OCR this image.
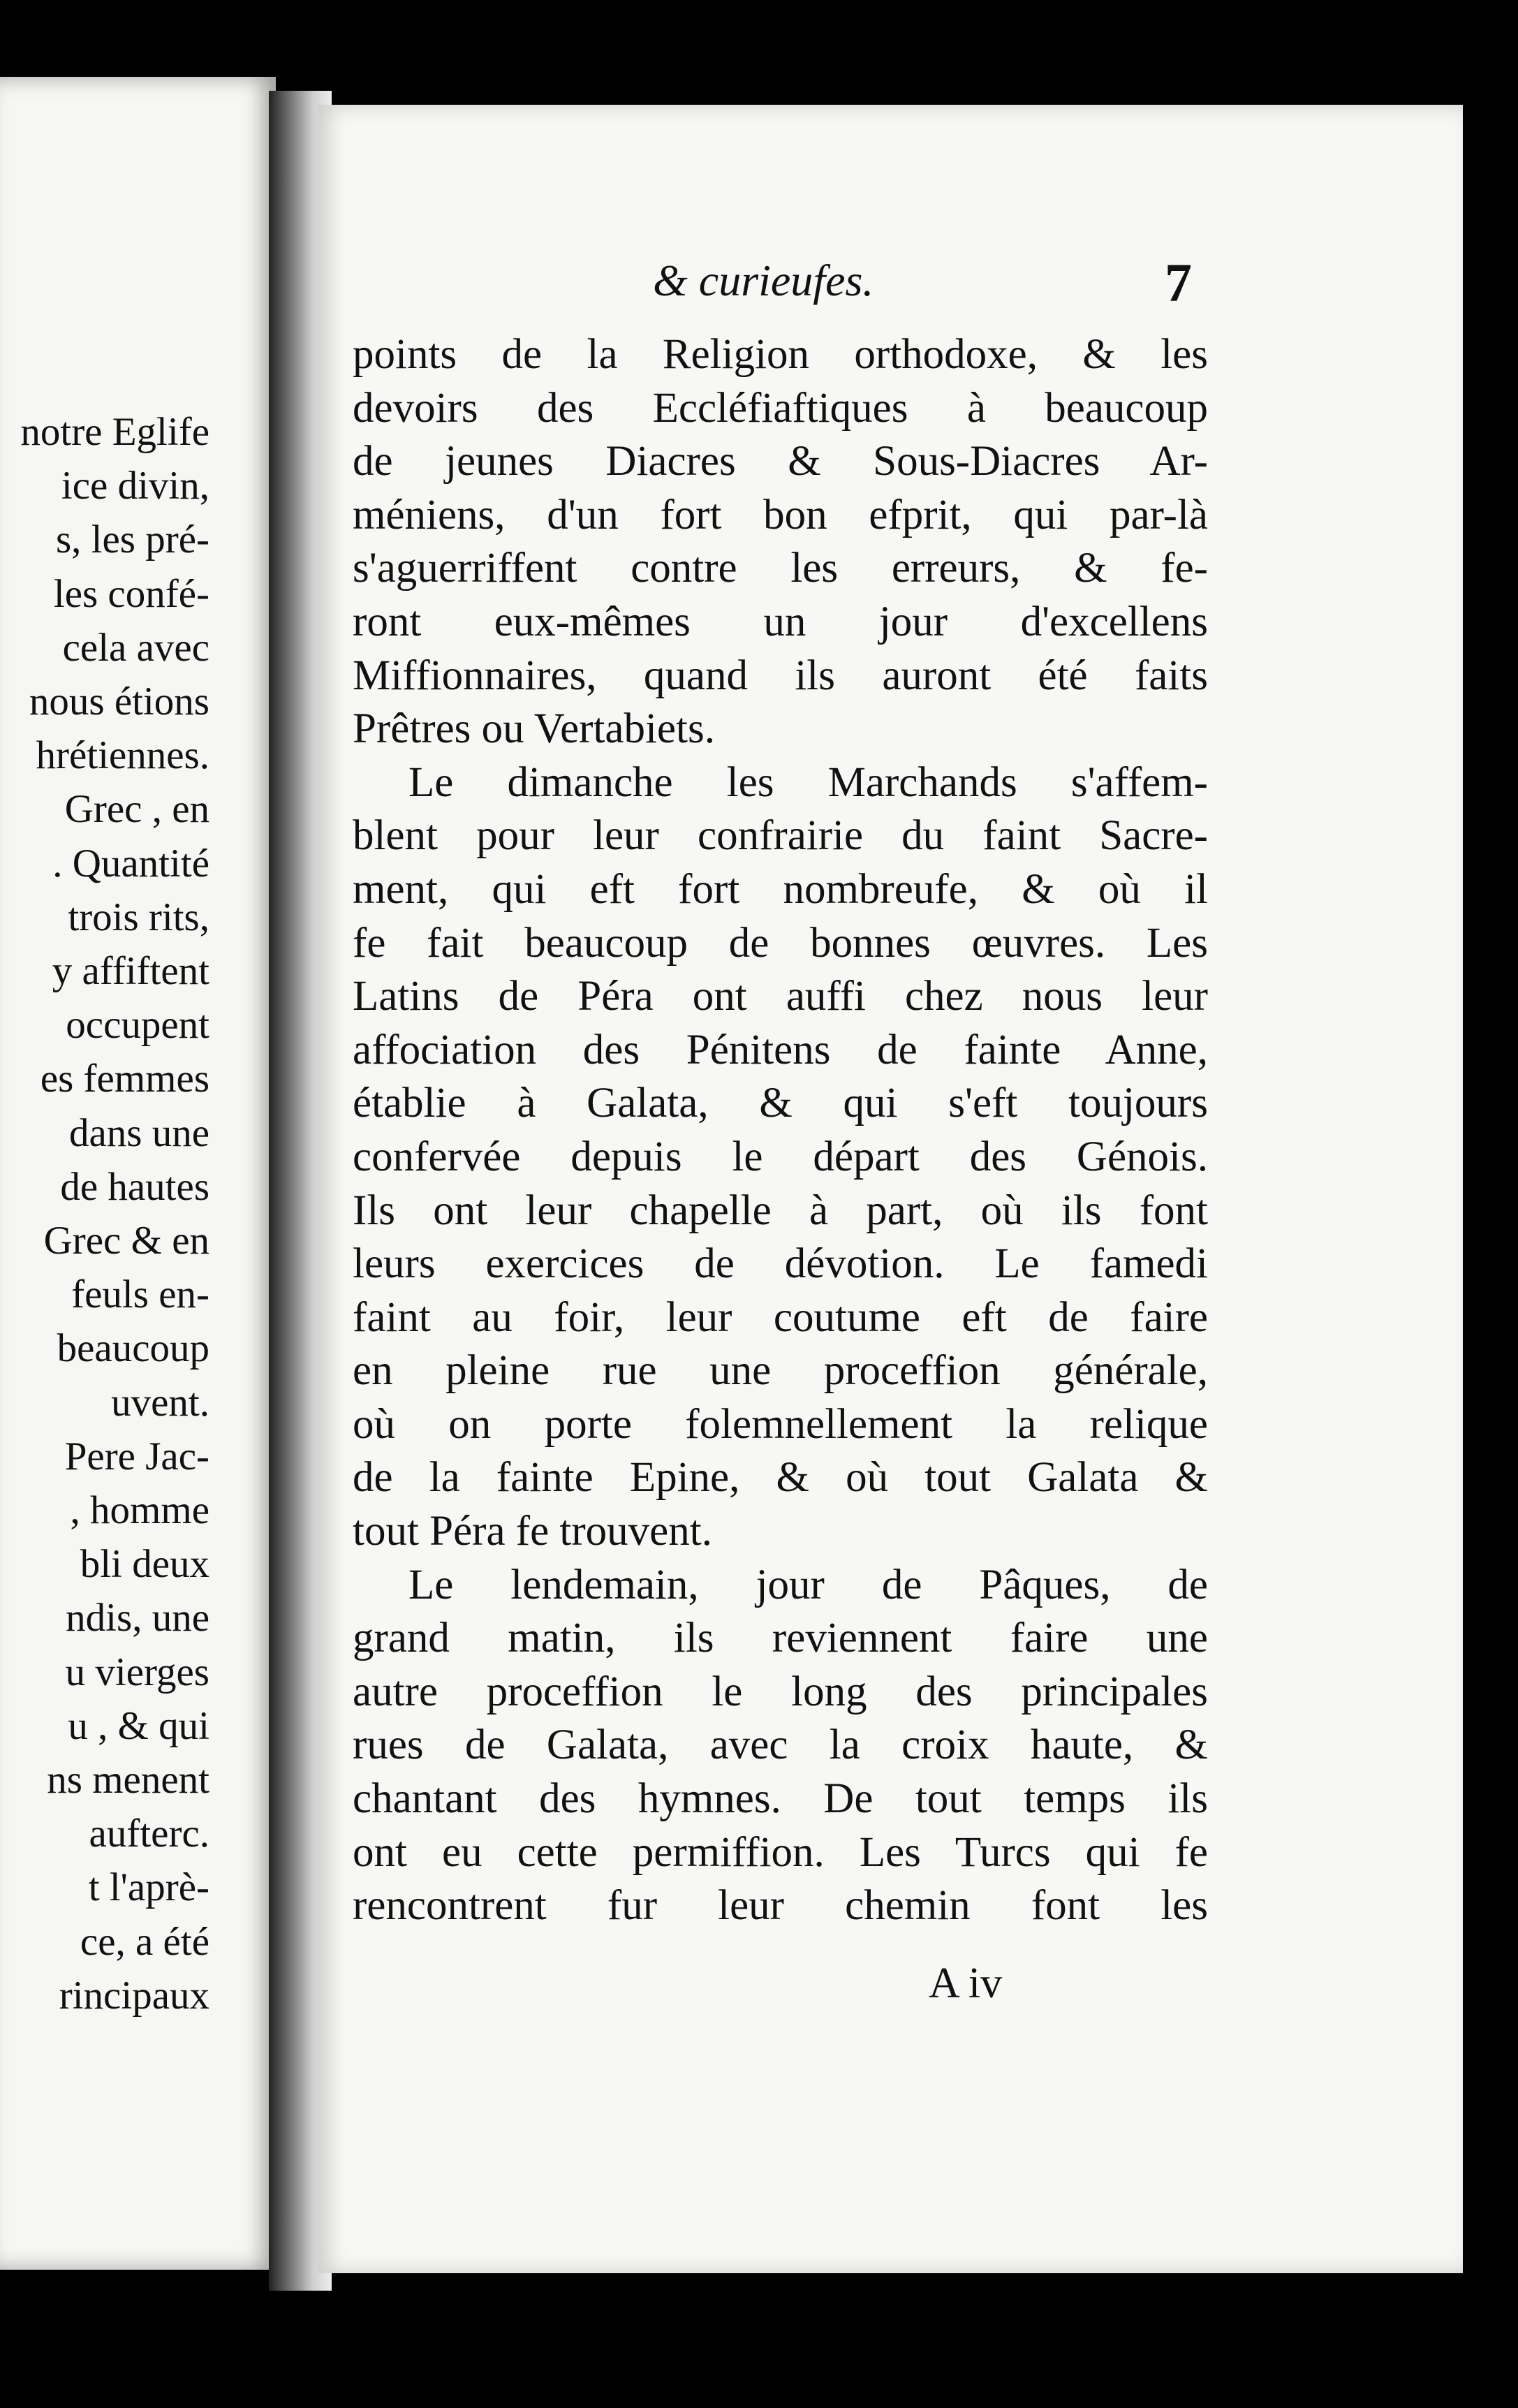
notre Eglife
ice divin,
s, les pré-
les confé-
cela avec
nous étions
hrétiennes.
Grec , en
. Quantité
trois rits,
y affiftent
occupent
es femmes
dans une
de hautes
Grec & en
feuls en-
beaucoup
uvent.
Pere Jac-
, homme
bli deux
ndis, une
u vierges
u , & qui
ns menent
aufterc.
t l'aprè-
ce, a été
rincipaux
& curieufes.	7
points de la Religion orthodoxe, & les
devoirs des Eccléfiaftiques à beaucoup
de jeunes Diacres & Sous-Diacres Ar-
méniens, d'un fort bon efprit, qui par-là
s'aguerriffent contre les erreurs, & fe-
ront eux-mêmes un jour d'excellens
Miffionnaires, quand ils auront été faits
Prêtres ou Vertabiets.
Le dimanche les Marchands s'affem-
blent pour leur confrairie du faint Sacre-
ment, qui eft fort nombreufe, & où il
fe fait beaucoup de bonnes œuvres. Les
Latins de Péra ont auffi chez nous leur
affociation des Pénitens de fainte Anne,
établie à Galata, & qui s'eft toujours
confervée depuis le départ des Génois.
Ils ont leur chapelle à part, où ils font
leurs exercices de dévotion. Le famedi
faint au foir, leur coutume eft de faire
en pleine rue une proceffion générale,
où on porte folemnellement la relique
de la fainte Epine, & où tout Galata &
tout Péra fe trouvent.
Le lendemain, jour de Pâques, de
grand matin, ils reviennent faire une
autre proceffion le long des principales
rues de Galata, avec la croix haute, &
chantant des hymnes. De tout temps ils
ont eu cette permiffion. Les Turcs qui fe
rencontrent fur leur chemin font les
A iv
